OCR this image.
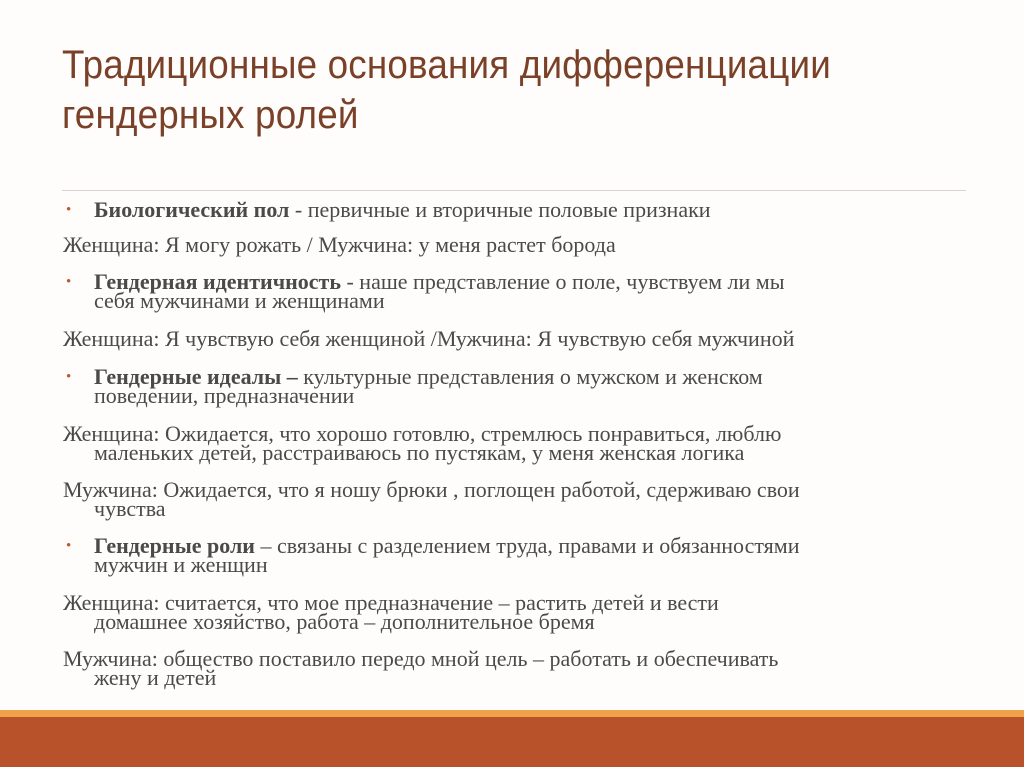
Традиционные основания дифференциации гендерных ролей
• Биологический пол - первичные и вторичные половые признаки
Женщина: Я могу рожать / Мужчина: у меня растет борода
• Гендерная идентичность - наше представление о поле, чувствуем ли мы
себя мужчинами и женщинами
Женщина: Я чувствую себя женщиной /Мужчина: Я чувствую себя мужчиной
• Гендерные идеалы – культурные представления о мужском и женском
поведении, предназначении
Женщина: Ожидается, что хорошо готовлю, стремлюсь понравиться, люблю
маленьких детей, расстраиваюсь по пустякам, у меня женская логика
Мужчина: Ожидается, что я ношу брюки , поглощен работой, сдерживаю свои
чувства
• Гендерные роли – связаны с разделением труда, правами и обязанностями
мужчин и женщин
Женщина: считается, что мое предназначение – растить детей и вести
домашнее хозяйство, работа – дополнительное бремя
Мужчина: общество поставило передо мной цель – работать и обеспечивать
жену и детей
